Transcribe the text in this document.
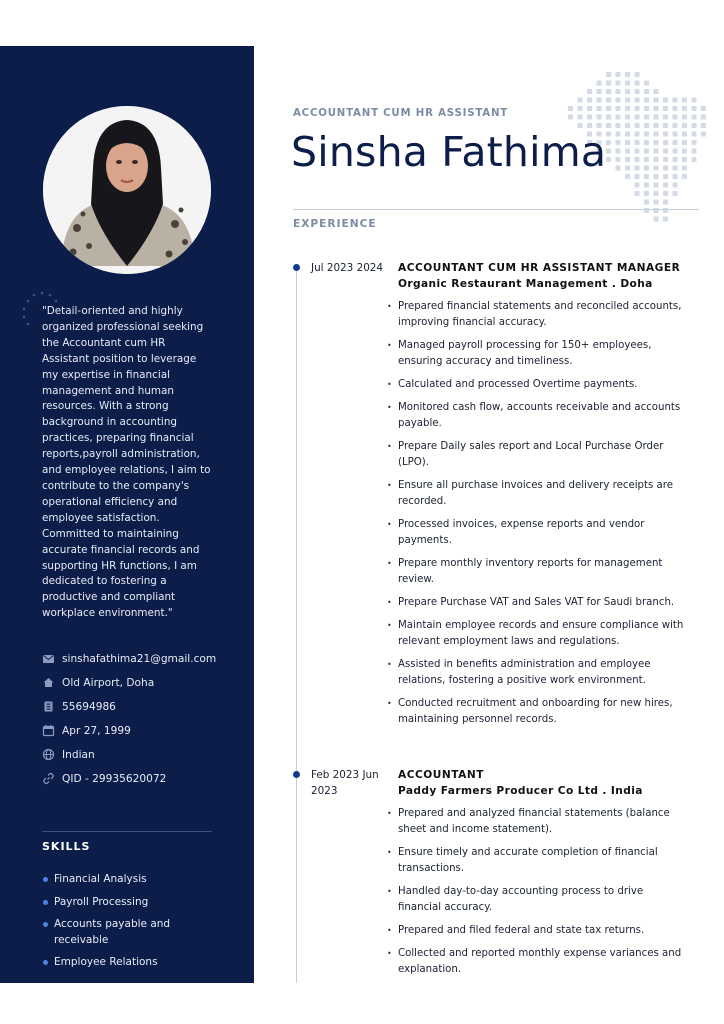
"Detail-oriented and highly organized professional seeking the Accountant cum HR Assistant position to leverage my expertise in financial management and human resources. With a strong background in accounting practices, preparing financial reports,payroll administration, and employee relations, I aim to contribute to the company's operational efficiency and employee satisfaction. Committed to maintaining accurate financial records and supporting HR functions, I am dedicated to fostering a productive and compliant workplace environment."
sinshafathima21@gmail.com
Old Airport, Doha
55694986
Apr 27, 1999
Indian
QID - 29935620072
SKILLS
Financial Analysis
Payroll Processing
Accounts payable and receivable
Employee Relations
ACCOUNTANT CUM HR ASSISTANT
Sinsha Fathima
EXPERIENCE
Jul 2023 2024	ACCOUNTANT CUM HR ASSISTANT MANAGER
Organic Restaurant Management . Doha
• Prepared financial statements and reconciled accounts, improving financial accuracy.
• Managed payroll processing for 150+ employees, ensuring accuracy and timeliness.
• Calculated and processed Overtime payments.
• Monitored cash flow, accounts receivable and accounts payable.
• Prepare Daily sales report and Local Purchase Order (LPO).
• Ensure all purchase invoices and delivery receipts are recorded.
• Processed invoices, expense reports and vendor payments.
• Prepare monthly inventory reports for management review.
• Prepare Purchase VAT and Sales VAT for Saudi branch.
• Maintain employee records and ensure compliance with relevant employment laws and regulations.
• Assisted in benefits administration and employee relations, fostering a positive work environment.
• Conducted recruitment and onboarding for new hires, maintaining personnel records.
Feb 2023 Jun 2023
ACCOUNTANT
Paddy Farmers Producer Co Ltd . India
• Prepared and analyzed financial statements (balance sheet and income statement).
• Ensure timely and accurate completion of financial transactions.
• Handled day-to-day accounting process to drive financial accuracy.
• Prepared and filed federal and state tax returns.
• Collected and reported monthly expense variances and explanation.
